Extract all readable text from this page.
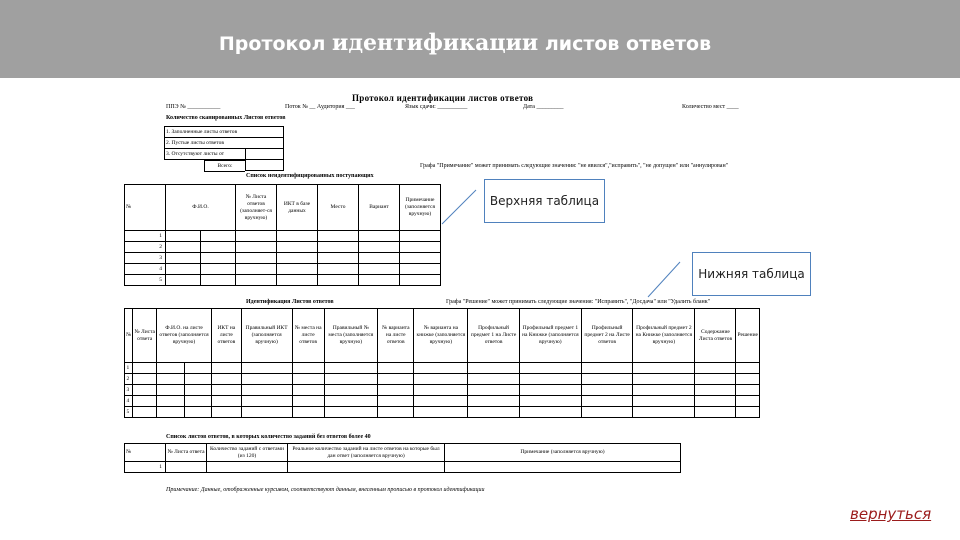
Протокол идентификации листов ответов
Протокол идентификации листов ответов
ППЭ № ___________	Поток № __ Аудитория ___	Язык сдачи: __________	Дата _________	Количество мест ____
Количество сканированных Листов ответов
1. Заполненные листы ответов	
2. Пустые листы ответов	
3. Отсутствуют листы от	

Всего:	Графа "Примечание" может принимать следующие значения: "не явился","исправить", "не допущен" или "аннулирован"
Список неидентифицированных поступающих
№	Ф.И.О.		№ Листа ответов (заполняет-ся вручную)	ИКТ в базе данных	Место	Вариант	Примечание (заполняется вручную)
1							
2							
3							
4							
5							
Идентификация Листов ответов	Графа "Решение" может принимать следующие значения: "Исправить", "Досдача" или "Удалить бланк"
№	№ Листа ответа	Ф.И.О. на листе ответов (заполняется вручную)		ИКТ на листе ответов	Правильный ИКТ (заполняется вручную)	№ места на листе ответов	Правильный № места (заполняется вручную)	№ варианта на листе ответов	№ варианта на книжке (заполняется вручную)	Профильный предмет 1 на Листе ответов	Профильный предмет 1 на Книжке (заполняется вручную)	Профильный предмет 2 на Листе ответов	Профильный предмет 2 на Книжке (заполняется вручную)	Содержание Листа ответов	Решение
1															
2															
3															
4															
5															
Список листов ответов, в которых количество заданий без ответов более 40
№	№ Листа ответа	Количество заданий с ответами (из 120)	Реальное количество заданий на листе ответов на которые был дан ответ (заполняется вручную)	Примечание (заполняется вручную)
1				
Примечание: Данные, отображенные курсивом, соответствуют данным, внесенным прописью в протокол идентификации
Верхняя таблица
Нижняя таблица
вернуться
